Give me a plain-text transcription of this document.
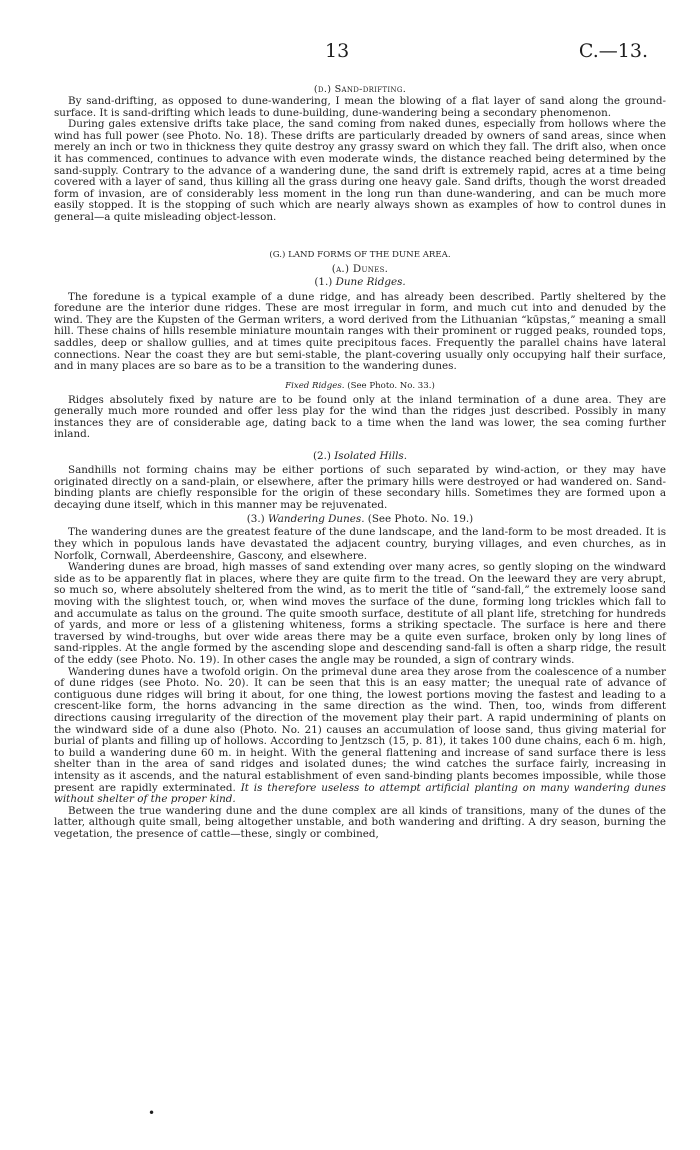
13	C.—13.
(d.) Sand-drifting.

By sand-drifting, as opposed to dune-wandering, I mean the blowing of a flat layer of sand along the ground-surface. It is sand-drifting which leads to dune-building, dune-wandering being a secondary phenomenon.

During gales extensive drifts take place, the sand coming from naked dunes, especially from hollows where the wind has full power (see Photo. No. 18). These drifts are particularly dreaded by owners of sand areas, since when merely an inch or two in thickness they quite destroy any grassy sward on which they fall. The drift also, when once it has commenced, continues to advance with even moderate winds, the distance reached being determined by the sand-supply. Contrary to the advance of a wandering dune, the sand drift is extremely rapid, acres at a time being covered with a layer of sand, thus killing all the grass during one heavy gale. Sand drifts, though the worst dreaded form of invasion, are of considerably less moment in the long run than dune-wandering, and can be much more easily stopped. It is the stopping of such which are nearly always shown as examples of how to control dunes in general—a quite misleading object-lesson.

(G.) LAND FORMS OF THE DUNE AREA.
(a.) Dunes.
(1.) Dune Ridges.

The foredune is a typical example of a dune ridge, and has already been described. Partly sheltered by the foredune are the interior dune ridges. These are most irregular in form, and much cut into and denuded by the wind. They are the Kupsten of the German writers, a word derived from the Lithuanian “kūpstas,” meaning a small hill. These chains of hills resemble miniature mountain ranges with their prominent or rugged peaks, rounded tops, saddles, deep or shallow gullies, and at times quite precipitous faces. Frequently the parallel chains have lateral connections. Near the coast they are but semi-stable, the plant-covering usually only occupying half their surface, and in many places are so bare as to be a transition to the wandering dunes.

Fixed Ridges. (See Photo. No. 33.)

Ridges absolutely fixed by nature are to be found only at the inland termination of a dune area. They are generally much more rounded and offer less play for the wind than the ridges just described. Possibly in many instances they are of considerable age, dating back to a time when the land was lower, the sea coming further inland.

(2.) Isolated Hills.

Sandhills not forming chains may be either portions of such separated by wind-action, or they may have originated directly on a sand-plain, or elsewhere, after the primary hills were destroyed or had wandered on. Sand-binding plants are chiefly responsible for the origin of these secondary hills. Sometimes they are formed upon a decaying dune itself, which in this manner may be rejuvenated.

(3.) Wandering Dunes. (See Photo. No. 19.)

The wandering dunes are the greatest feature of the dune landscape, and the land-form to be most dreaded. It is they which in populous lands have devastated the adjacent country, burying villages, and even churches, as in Norfolk, Cornwall, Aberdeenshire, Gascony, and elsewhere.

Wandering dunes are broad, high masses of sand extending over many acres, so gently sloping on the windward side as to be apparently flat in places, where they are quite firm to the tread. On the leeward they are very abrupt, so much so, where absolutely sheltered from the wind, as to merit the title of “sand-fall,” the extremely loose sand moving with the slightest touch, or, when wind moves the surface of the dune, forming long trickles which fall to and accumulate as talus on the ground. The quite smooth surface, destitute of all plant life, stretching for hundreds of yards, and more or less of a glistening whiteness, forms a striking spectacle. The surface is here and there traversed by wind-troughs, but over wide areas there may be a quite even surface, broken only by long lines of sand-ripples. At the angle formed by the ascending slope and descending sand-fall is often a sharp ridge, the result of the eddy (see Photo. No. 19). In other cases the angle may be rounded, a sign of contrary winds.

Wandering dunes have a twofold origin. On the primeval dune area they arose from the coalescence of a number of dune ridges (see Photo. No. 20). It can be seen that this is an easy matter; the unequal rate of advance of contiguous dune ridges will bring it about, for one thing, the lowest portions moving the fastest and leading to a crescent-like form, the horns advancing in the same direction as the wind. Then, too, winds from different directions causing irregularity of the direction of the movement play their part. A rapid undermining of plants on the windward side of a dune also (Photo. No. 21) causes an accumulation of loose sand, thus giving material for burial of plants and filling up of hollows. According to Jentzsch (15, p. 81), it takes 100 dune chains, each 6 m. high, to build a wandering dune 60 m. in height. With the general flattening and increase of sand surface there is less shelter than in the area of sand ridges and isolated dunes; the wind catches the surface fairly, increasing in intensity as it ascends, and the natural establishment of even sand-binding plants becomes impossible, while those present are rapidly exterminated. It is therefore useless to attempt artificial planting on many wandering dunes without shelter of the proper kind.

Between the true wandering dune and the dune complex are all kinds of transitions, many of the dunes of the latter, although quite small, being altogether unstable, and both wandering and drifting. A dry season, burning the vegetation, the presence of cattle—these, singly or combined,

•
